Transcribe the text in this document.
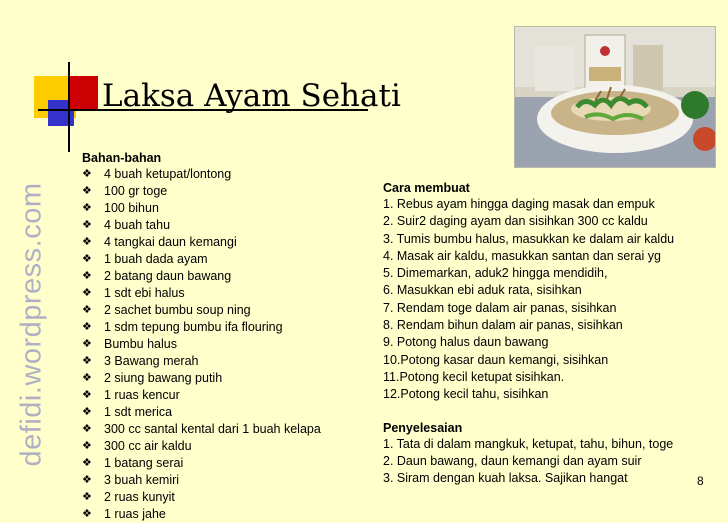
defidi.wordpress.com
Laksa Ayam Sehati
Bahan-bahan
❖ 4 buah ketupat/lontong
❖ 100 gr toge
❖ 100 bihun
❖ 4 buah tahu
❖ 4 tangkai daun kemangi
❖ 1 buah dada ayam
❖ 2 batang daun bawang
❖ 1 sdt ebi halus
❖ 2 sachet bumbu soup ning
❖ 1 sdm tepung bumbu ifa flouring
❖ Bumbu halus
❖ 3 Bawang merah
❖ 2 siung bawang putih
❖ 1 ruas kencur
❖ 1 sdt merica
❖ 300 cc santal kental dari 1 buah kelapa
❖ 300 cc air kaldu
❖ 1 batang serai
❖ 3 buah kemiri
❖ 2 ruas kunyit
❖ 1 ruas jahe
Cara membuat
1. Rebus ayam hingga daging masak dan empuk
2. Suir2 daging ayam dan sisihkan 300 cc kaldu
3. Tumis bumbu halus, masukkan ke dalam air kaldu
4. Masak air kaldu, masukkan santan dan serai yg
5. Dimemarkan, aduk2 hingga mendidih,
6. Masukkan ebi aduk rata, sisihkan
7. Rendam toge dalam air panas, sisihkan
8. Rendam bihun dalam air panas, sisihkan
9. Potong halus daun bawang
10.Potong kasar daun kemangi, sisihkan
11.Potong kecil ketupat sisihkan.
12.Potong kecil tahu, sisihkan
Penyelesaian
1. Tata di dalam mangkuk, ketupat, tahu, bihun, toge
2. Daun bawang, daun kemangi dan ayam suir
3. Siram dengan kuah laksa. Sajikan hangat	8
